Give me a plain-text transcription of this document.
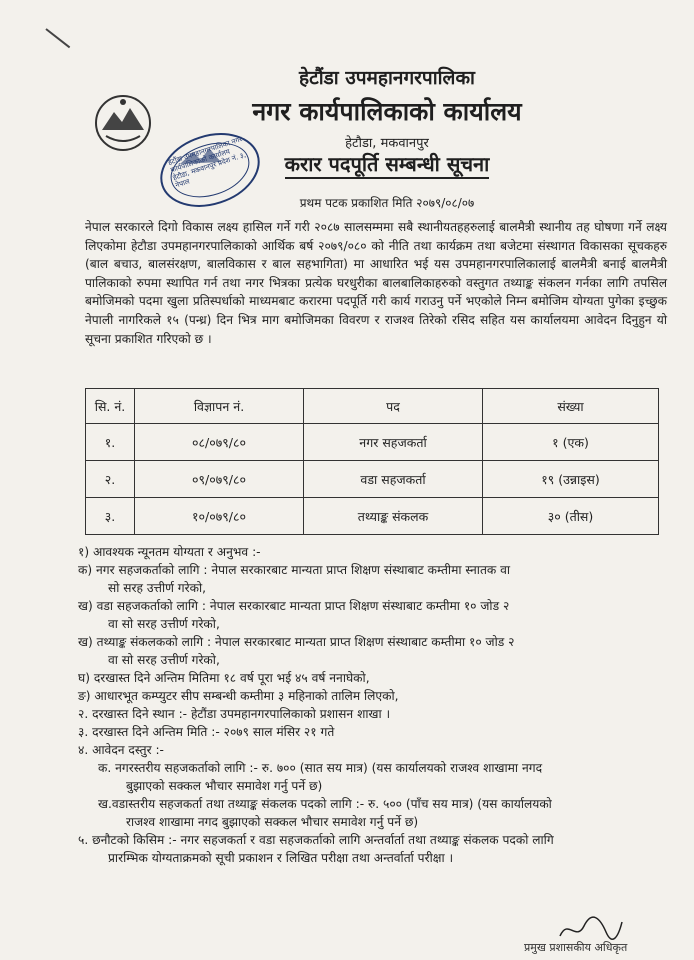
हेटौंडा उपमहानगरपालिका नगर कार्यपालिकाको कार्यालय हेटौडा, मकवानपुर प्रदेश नं. ३, नेपाल
हेटौंडा उपमहानगरपालिका
नगर कार्यपालिकाको कार्यालय
हेटौडा, मकवानपुर
करार पदपूर्ति सम्बन्धी सूचना
प्रथम पटक प्रकाशित मिति २०७९/०८/०७
नेपाल सरकारले दिगो विकास लक्ष्य हासिल गर्ने गरी २०८७ सालसम्ममा सबै स्थानीयतहहरुलाई बालमैत्री स्थानीय तह घोषणा गर्ने लक्ष्य लिएकोमा हेटौडा उपमहानगरपालिकाको आर्थिक बर्ष २०७९/०८० को नीति तथा कार्यक्रम तथा बजेटमा संस्थागत विकासका सूचकहरु (बाल बचाउ, बालसंरक्षण, बालविकास र बाल सहभागिता) मा आधारित भई यस उपमहानगरपालिकालाई बालमैत्री बनाई बालमैत्री पालिकाको रुपमा स्थापित गर्न तथा नगर भित्रका प्रत्येक घरधुरीका बालबालिकाहरुको वस्तुगत तथ्याङ्क संकलन गर्नका लागि तपसिल बमोजिमको पदमा खुला प्रतिस्पर्धाको माध्यमबाट करारमा पदपूर्ति गरी कार्य गराउनु पर्ने भएकोले निम्न बमोजिम योग्यता पुगेका इच्छुक नेपाली नागरिकले १५ (पन्ध्र) दिन भित्र माग बमोजिमका विवरण र राजश्व तिरेको रसिद सहित यस कार्यालयमा आवेदन दिनुहुन यो सूचना प्रकाशित गरिएको छ ।
सि. नं.	विज्ञापन नं.	पद	संख्या
१.	०८/०७९/८०	नगर सहजकर्ता	१ (एक)
२.	०९/०७९/८०	वडा सहजकर्ता	१९ (उन्नाइस)
३.	१०/०७९/८०	तथ्याङ्क संकलक	३० (तीस)
१) आवश्यक न्यूनतम योग्यता र अनुभव :-
क) नगर सहजकर्ताको लागि : नेपाल सरकारबाट मान्यता प्राप्त शिक्षण संस्थाबाट कम्तीमा स्नातक वा
सो सरह उत्तीर्ण गरेको,
ख) वडा सहजकर्ताको लागि : नेपाल सरकारबाट मान्यता प्राप्त शिक्षण संस्थाबाट कम्तीमा १० जोड २
वा सो सरह उत्तीर्ण गरेको,
ख) तथ्याङ्क संकलकको लागि : नेपाल सरकारबाट मान्यता प्राप्त शिक्षण संस्थाबाट कम्तीमा १० जोड २
वा सो सरह उत्तीर्ण गरेको,
घ) दरखास्त दिने अन्तिम मितिमा १८ वर्ष पूरा भई ४५ वर्ष ननाघेको,
ङ) आधारभूत कम्प्युटर सीप सम्बन्धी कम्तीमा ३ महिनाको तालिम लिएको,
२. दरखास्त दिने स्थान :- हेटौंडा उपमहानगरपालिकाको प्रशासन शाखा ।
३. दरखास्त दिने अन्तिम मिति :- २०७९ साल मंसिर २१ गते
४. आवेदन दस्तुर :-
क. नगरस्तरीय सहजकर्ताको लागि :- रु. ७०० (सात सय मात्र) (यस कार्यालयको राजश्व शाखामा नगद
बुझाएको सक्कल भौचार समावेश गर्नु पर्ने छ)
ख.वडास्तरीय सहजकर्ता तथा तथ्याङ्क संकलक पदको लागि :- रु. ५०० (पाँच सय मात्र) (यस कार्यालयको
राजश्व शाखामा नगद बुझाएको सक्कल भौचार समावेश गर्नु पर्ने छ)
५. छनौटको किसिम :- नगर सहजकर्ता र वडा सहजकर्ताको लागि अन्तर्वार्ता तथा तथ्याङ्क संकलक पदको लागि
प्रारम्भिक योग्यताक्रमको सूची प्रकाशन र लिखित परीक्षा तथा अन्तर्वार्ता परीक्षा ।
प्रमुख प्रशासकीय अधिकृत
